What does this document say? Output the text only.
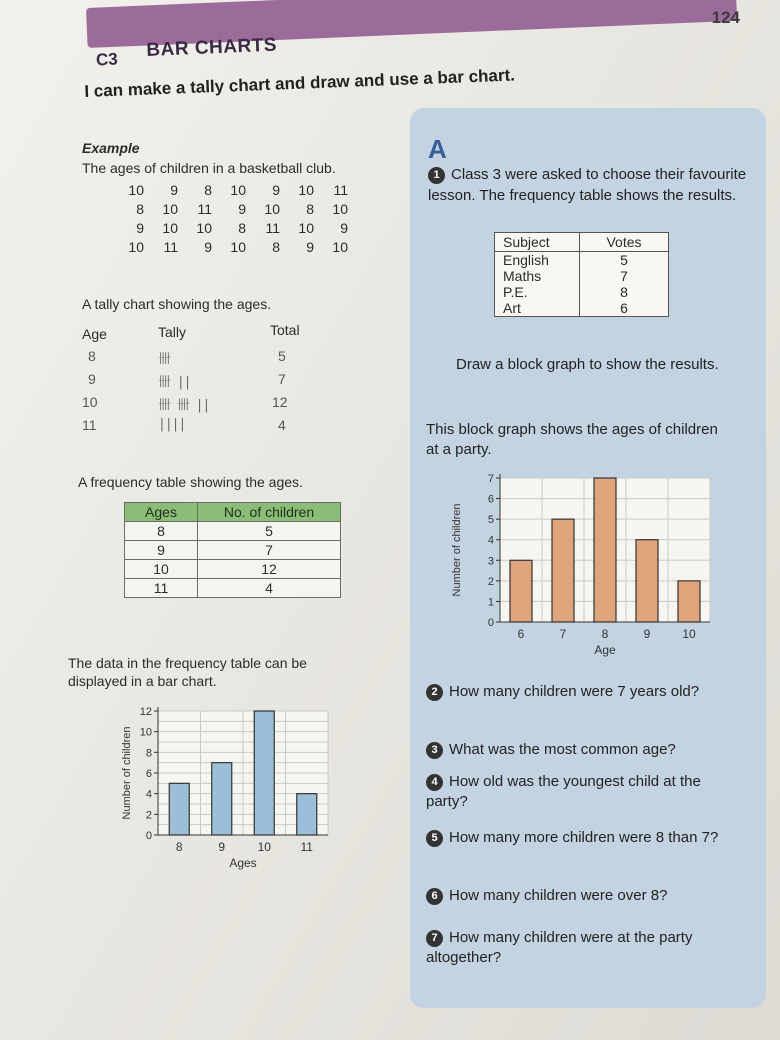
124
C3 BAR CHARTS
I can make a tally chart and draw and use a bar chart.
Example
The ages of children in a basketball club.
10	9	8	10	9	10	11
8	10	11	9	10	8	10
9	10	10	8	11	10	9
10	11	9	10	8	9	10
A tally chart showing the ages.
Age	Tally	Total
8	卌	5
9	卌 ||	7
10	卌 卌 ||	12
11	||||	4
A frequency table showing the ages.
Ages	No. of children
8	5
9	7
10	12
11	4
The data in the frequency table can be displayed in a bar chart.
0
2
4
6
8
10
12
8	9	10 11
Ages
Number of children
A
1 Class 3 were asked to choose their favourite lesson. The frequency table shows the results.
Subject	Votes
English	5
Maths	7
P.E.	8
Art	6
Draw a block graph to show the results.
This block graph shows the ages of children at a party.
0
1
2
3
4
5
6
7
6	7	8	9	10
Age
Number of children
2 How many children were 7 years old?
3 What was the most common age?
4 How old was the youngest child at the party?
5 How many more children were 8 than 7?
6 How many children were over 8?
7 How many children were at the party altogether?
